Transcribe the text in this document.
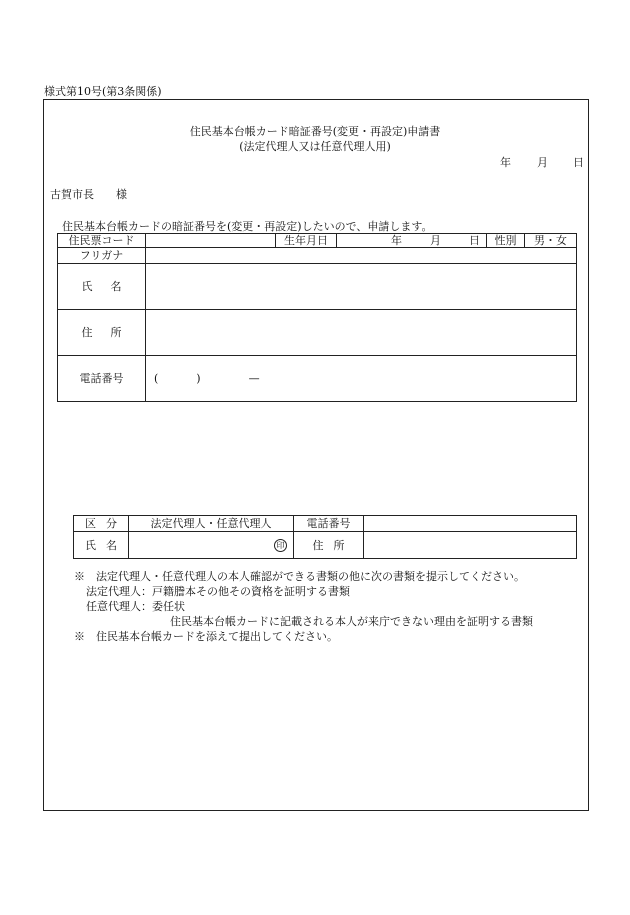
様式第10号(第3条関係)
住民基本台帳カード暗証番号(変更・再設定)申請書
(法定代理人又は任意代理人用)
年 月 日
古賀市長 様
住民基本台帳カードの暗証番号を(変更・再設定)したいので、申請します。
住民票コード		生年月日	年 月 日	性別	男・女
フリガナ					
氏名					
住所					
電話番号	( ) —				
区分	法定代理人・任意代理人	電話番号	
氏名	印	住所	
※　法定代理人・任意代理人の本人確認ができる書類の他に次の書類を提示してください。
法定代理人：戸籍謄本その他その資格を証明する書類
任意代理人：委任状
住民基本台帳カードに記載される本人が来庁できない理由を証明する書類
※　住民基本台帳カードを添えて提出してください。
